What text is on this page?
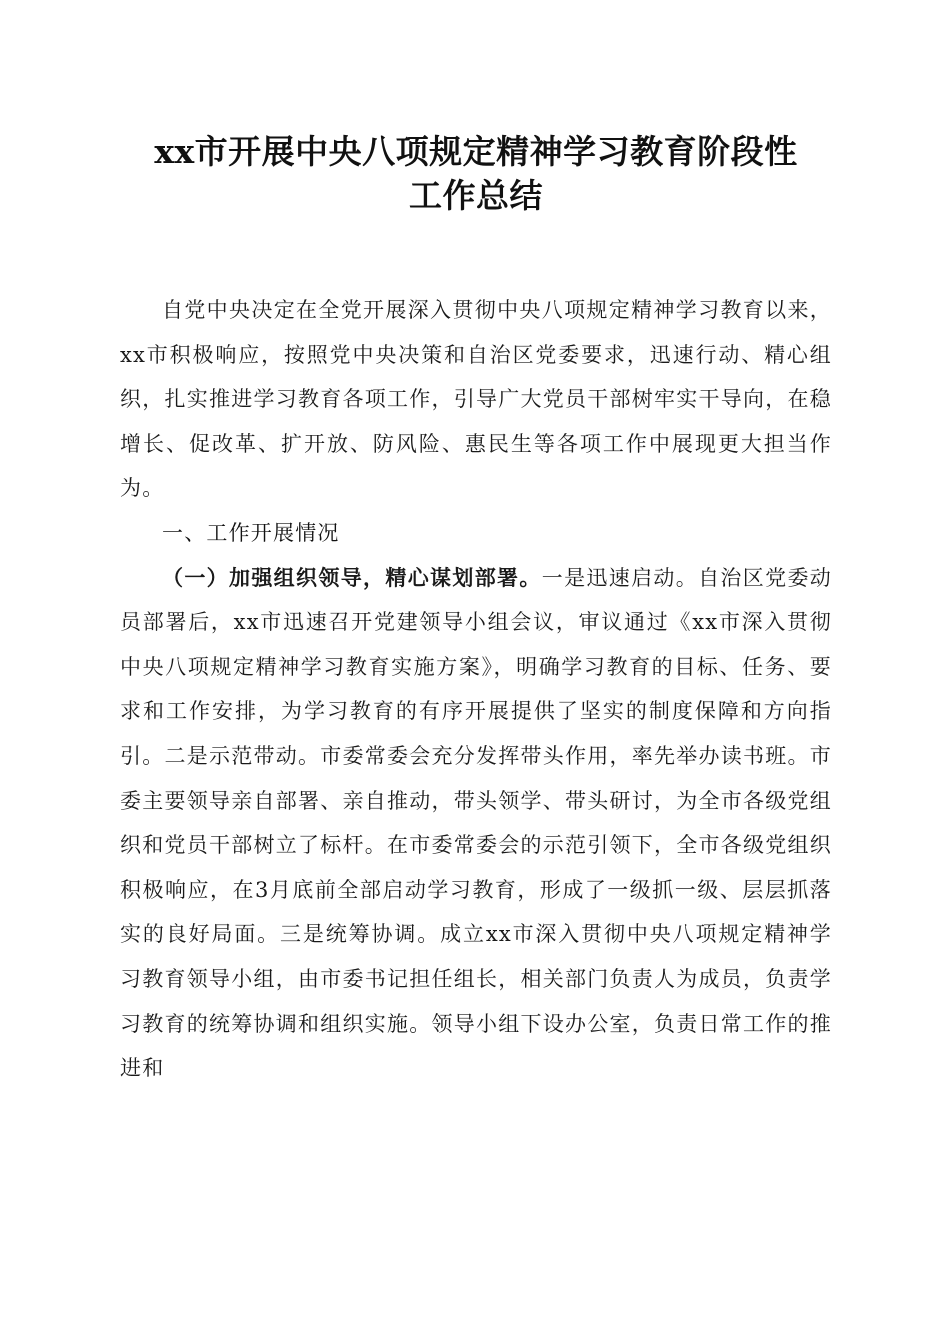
xx市开展中央八项规定精神学习教育阶段性
工作总结

自党中央决定在全党开展深入贯彻中央八项规定精神学习教育以来，xx市积极响应，按照党中央决策和自治区党委要求，迅速行动、精心组织，扎实推进学习教育各项工作，引导广大党员干部树牢实干导向，在稳增长、促改革、扩开放、防风险、惠民生等各项工作中展现更大担当作为。

一、工作开展情况

（一）加强组织领导，精心谋划部署。一是迅速启动。自治区党委动员部署后，xx市迅速召开党建领导小组会议，审议通过《xx市深入贯彻中央八项规定精神学习教育实施方案》，明确学习教育的目标、任务、要求和工作安排，为学习教育的有序开展提供了坚实的制度保障和方向指引。二是示范带动。市委常委会充分发挥带头作用，率先举办读书班。市委主要领导亲自部署、亲自推动，带头领学、带头研讨，为全市各级党组织和党员干部树立了标杆。在市委常委会的示范引领下，全市各级党组织积极响应，在3月底前全部启动学习教育，形成了一级抓一级、层层抓落实的良好局面。三是统筹协调。成立xx市深入贯彻中央八项规定精神学习教育领导小组，由市委书记担任组长，相关部门负责人为成员，负责学习教育的统筹协调和组织实施。领导小组下设办公室，负责日常工作的推进和
